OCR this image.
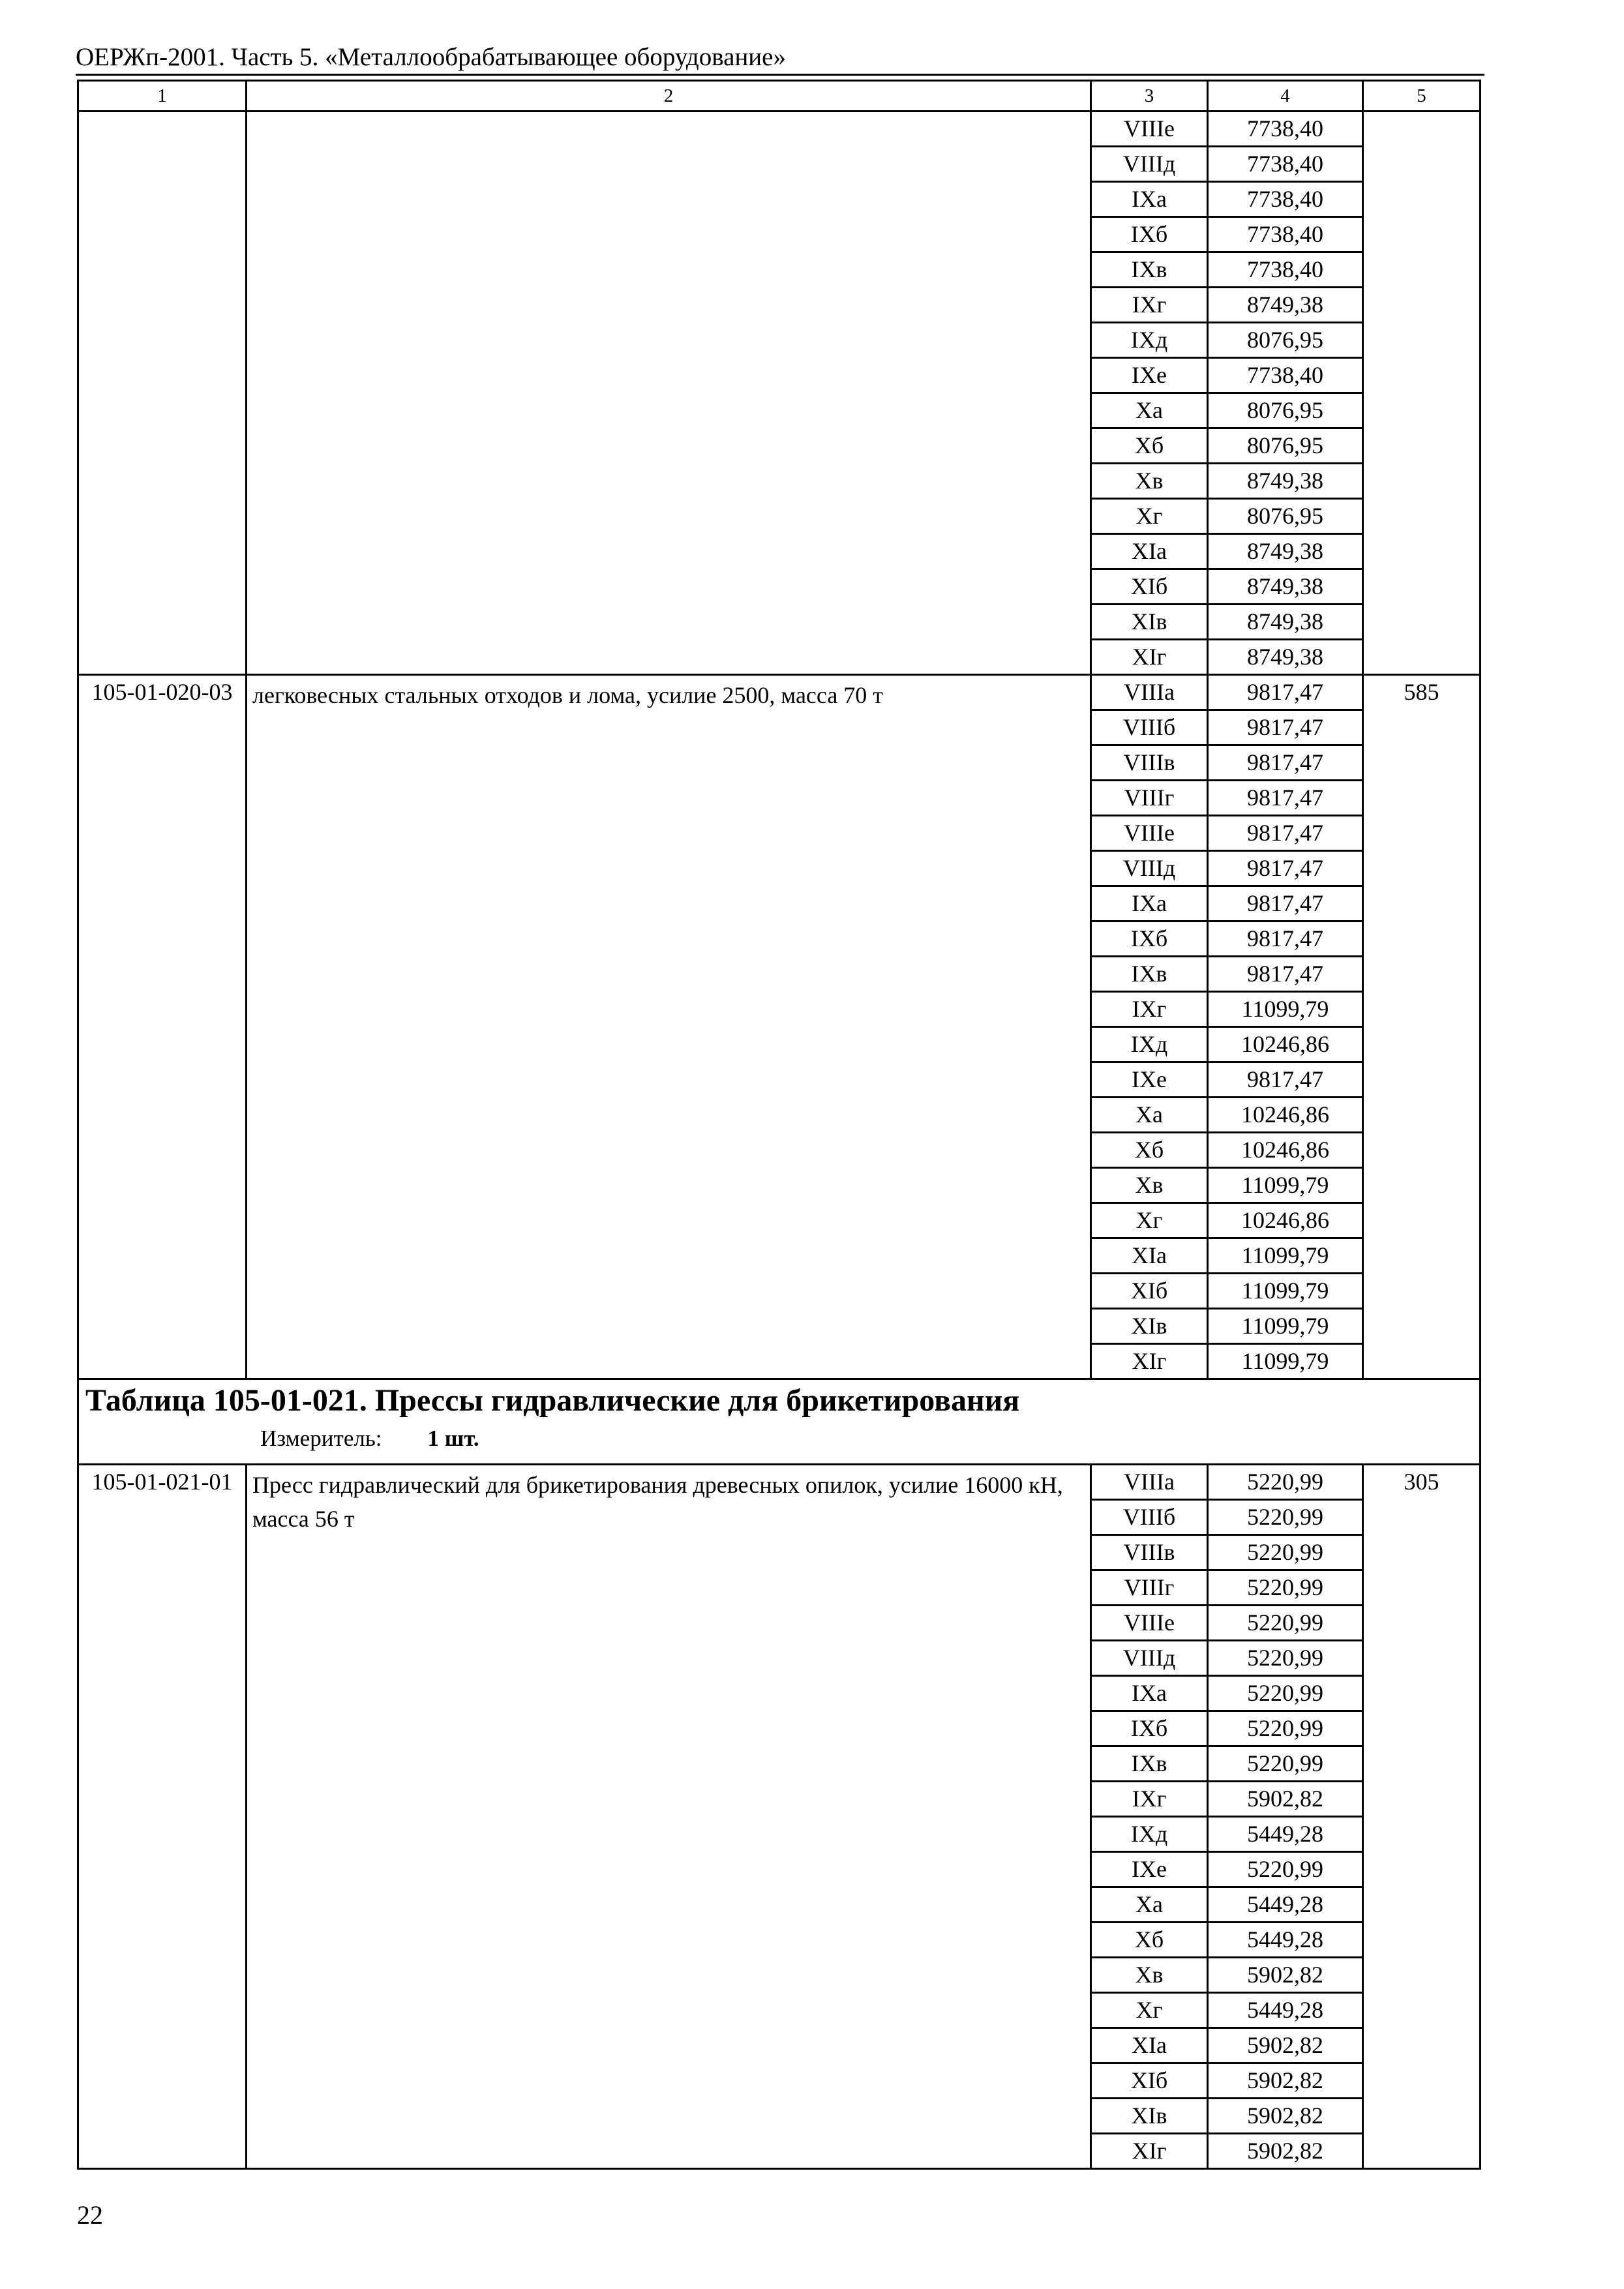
ОЕРЖп-2001. Часть 5. «Металлообрабатывающее оборудование»
1	2	3	4	5
		VIIIе	7738,40	
		VIIIд	7738,40	
		IXа	7738,40	
		IXб	7738,40	
		IXв	7738,40	
		IXг	8749,38	
		IXд	8076,95	
		IXе	7738,40	
		Xа	8076,95	
		Xб	8076,95	
		Xв	8749,38	
		Xг	8076,95	
		XIа	8749,38	
		XIб	8749,38	
		XIв	8749,38	
		XIг	8749,38	
105-01-020-03	легковесных стальных отходов и лома, усилие 2500, масса 70 т	VIIIа	9817,47	585
		VIIIб	9817,47	
		VIIIв	9817,47	
		VIIIг	9817,47	
		VIIIе	9817,47	
		VIIIд	9817,47	
		IXа	9817,47	
		IXб	9817,47	
		IXв	9817,47	
		IXг	11099,79	
		IXд	10246,86	
		IXе	9817,47	
		Xа	10246,86	
		Xб	10246,86	
		Xв	11099,79	
		Xг	10246,86	
		XIа	11099,79	
		XIб	11099,79	
		XIв	11099,79	
		XIг	11099,79	

Таблица 105-01-021. Прессы гидравлические для брикетирования
Измеритель: 1 шт.				

105-01-021-01	Пресс гидравлический для брикетирования древесных опилок, усилие 16000 кН, масса 56 т	VIIIа	5220,99	305
		VIIIб	5220,99	
		VIIIв	5220,99	
		VIIIг	5220,99	
		VIIIе	5220,99	
		VIIIд	5220,99	
		IXа	5220,99	
		IXб	5220,99	
		IXв	5220,99	
		IXг	5902,82	
		IXд	5449,28	
		IXе	5220,99	
		Xа	5449,28	
		Xб	5449,28	
		Xв	5902,82	
		Xг	5449,28	
		XIа	5902,82	
		XIб	5902,82	
		XIв	5902,82	
		XIг	5902,82	
22
